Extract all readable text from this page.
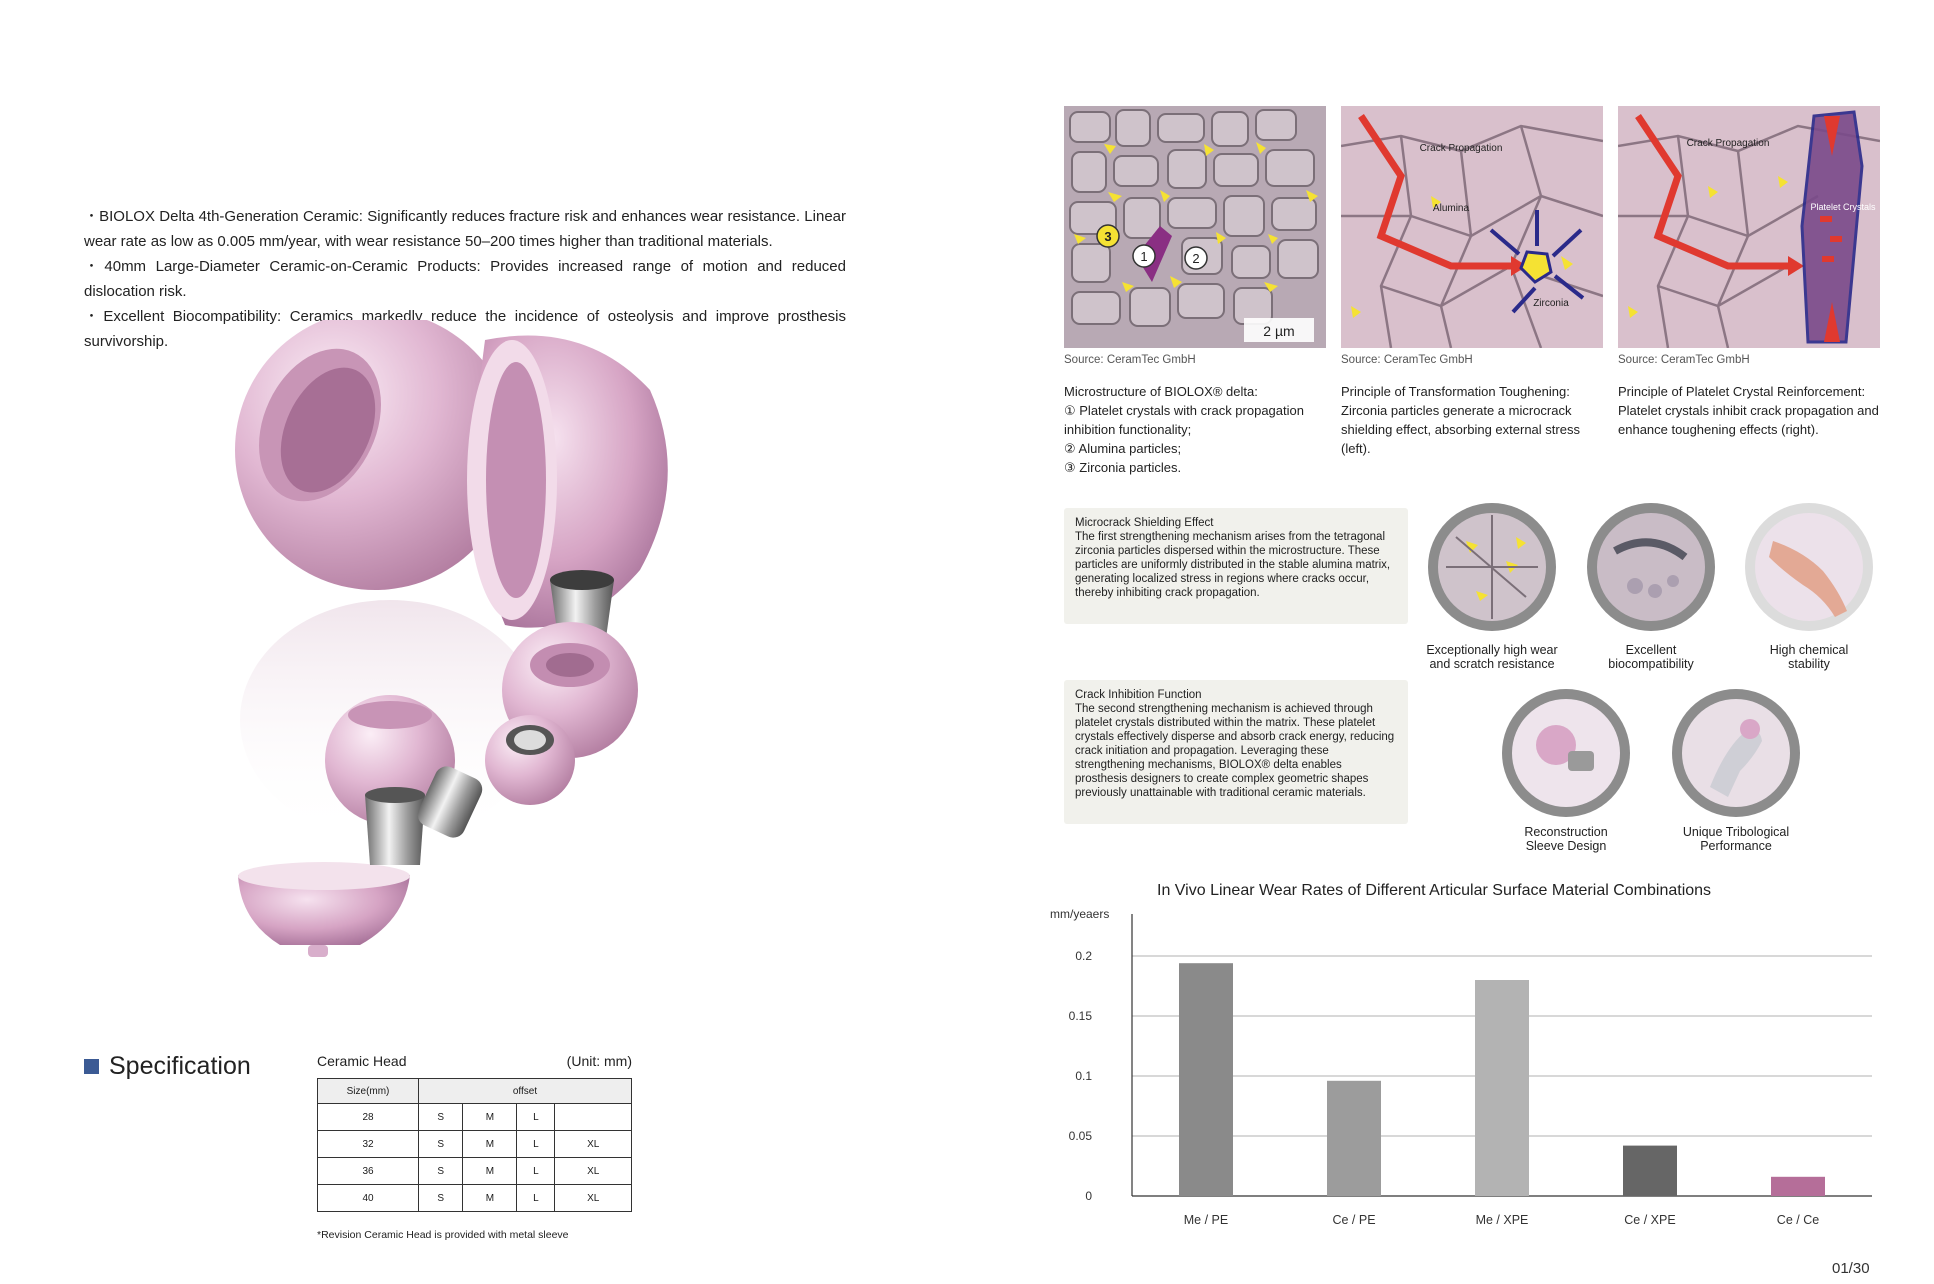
・BIOLOX Delta 4th-Generation Ceramic: Significantly reduces fracture risk and enhances wear resistance. Linear wear rate as low as 0.005 mm/year, with wear resistance 50–200 times higher than traditional materials.

・40mm Large-Diameter Ceramic-on-Ceramic Products: Provides increased range of motion and reduced dislocation risk.

・Excellent Biocompatibility: Ceramics markedly reduce the incidence of osteolysis and improve prosthesis survivorship.

Specification	Ceramic Head	(Unit: mm)
Size(mm)	offset			
28	S	M	L	
32	S	M	L	XL
36	S	M	L	XL
40	S	M	L	XL
*Revision Ceramic Head is provided with metal sleeve
3
1	2
2 µm
Crack Propagation
Alumina
Zirconia
Crack Propagation
Platelet Crystals
Source: CeramTec GmbH	Source: CeramTec GmbH	Source: CeramTec GmbH
Microstructure of BIOLOX® delta:
① Platelet crystals with crack propagation inhibition functionality;
② Alumina particles;
③ Zirconia particles.
Principle of Transformation Toughening: Zirconia particles generate a microcrack shielding effect, absorbing external stress (left).
Principle of Platelet Crystal Reinforcement: Platelet crystals inhibit crack propagation and enhance toughening effects (right).
Microcrack Shielding Effect
The first strengthening mechanism arises from the tetragonal zirconia particles dispersed within the microstructure. These particles are uniformly distributed in the stable alumina matrix, generating localized stress in regions where cracks occur, thereby inhibiting crack propagation.
Crack Inhibition Function
The second strengthening mechanism is achieved through platelet crystals distributed within the matrix. These platelet crystals effectively disperse and absorb crack energy, reducing crack initiation and propagation. Leveraging these strengthening mechanisms, BIOLOX® delta enables prosthesis designers to create complex geometric shapes previously unattainable with traditional ceramic materials.
Exceptionally high wear
and scratch resistance
Excellent
biocompatibility
High chemical
stability
Reconstruction
Sleeve Design
Unique Tribological
Performance
In Vivo Linear Wear Rates of Different Articular Surface Material Combinations
mm/yeaers
0
0.05
0.1
0.15
0.2
Me / PE	Ce / PE	Me / XPE	Ce / XPE	Ce / Ce
01/30
